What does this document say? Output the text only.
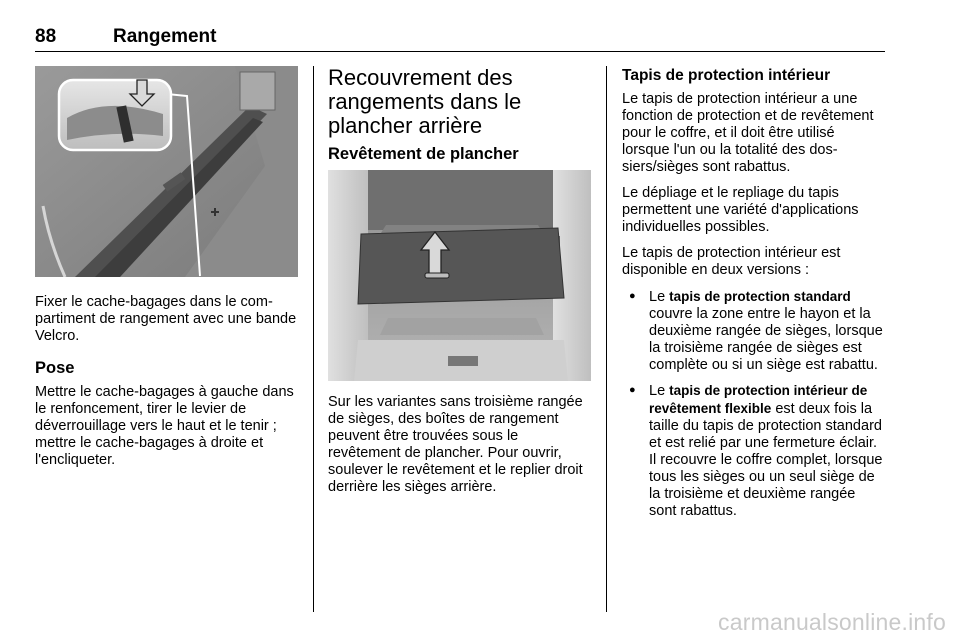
88	Rangement

Fixer le cache-bagages dans le compartiment de rangement avec une bande Velcro.

Pose

Mettre le cache-bagages à gauche dans le renfoncement, tirer le levier de déverrouillage vers le haut et le tenir ; mettre le cache-bagages à droite et l'encliqueter.

Recouvrement des rangements dans le plancher arrière
Revêtement de plancher

Sur les variantes sans troisième rangée de sièges, des boîtes de rangement peuvent être trouvées sous le revêtement de plancher. Pour ouvrir, soulever le revêtement et le replier droit derrière les sièges arrière.

Tapis de protection intérieur

Le tapis de protection intérieur a une fonction de protection et de revêtement pour le coffre, et il doit être utilisé lorsque l'un ou la totalité des dossiers/sièges sont rabattus.

Le dépliage et le repliage du tapis permettent une variété d'applications individuelles possibles.

Le tapis de protection intérieur est disponible en deux versions :

● Le tapis de protection standard couvre la zone entre le hayon et la deuxième rangée de sièges, lorsque la troisième rangée de sièges est complète ou si un siège est rabattu.
● Le tapis de protection intérieur de revêtement flexible est deux fois la taille du tapis de protection standard et est relié par une fermeture éclair. Il recouvre le coffre complet, lorsque tous les sièges ou un seul siège de la troisième et deuxième rangée sont rabattus.
carmanualsonline.info
